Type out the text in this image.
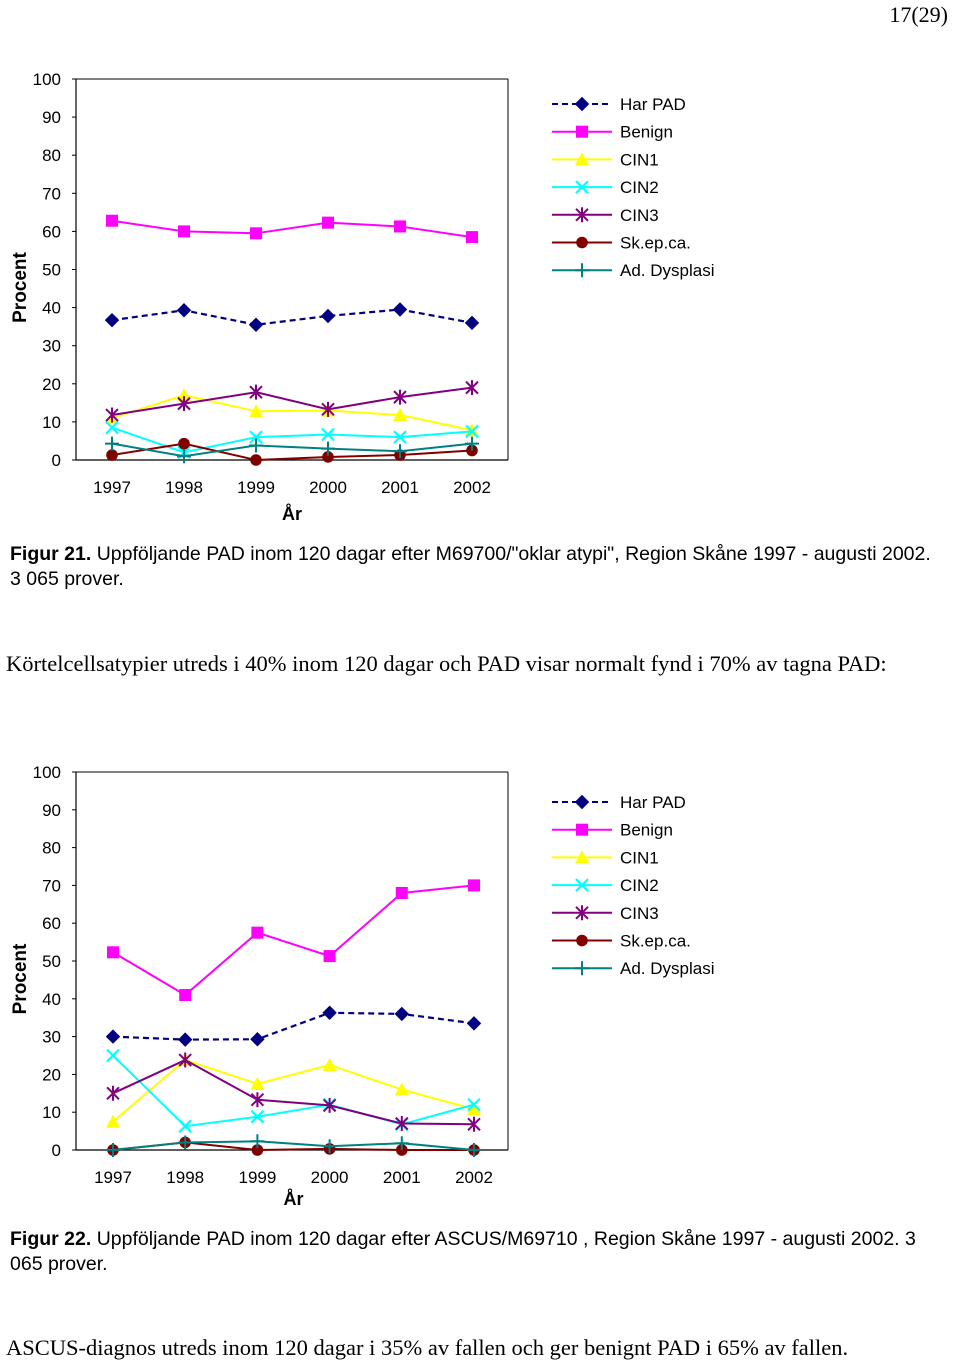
17(29)
0
10
20
30
40
50
60
70
80
90
100
1997 1998 1999 2000 2001 2002
År
Procent
Har PAD
Benign
CIN1
CIN2
CIN3
Sk.ep.ca.
Ad. Dysplasi
Figur 21. Uppföljande PAD inom 120 dagar efter M69700/"oklar atypi", Region Skåne 1997 - augusti 2002. 3 065 prover.
Körtelcellsatypier utreds i 40% inom 120 dagar och PAD visar normalt fynd i 70% av tagna PAD:
0
10
20
30
40
50
60
70
80
90
100
1997 1998 1999 2000 2001 2002
År
Procent
Har PAD
Benign
CIN1
CIN2
CIN3
Sk.ep.ca.
Ad. Dysplasi
Figur 22. Uppföljande PAD inom 120 dagar efter ASCUS/M69710 , Region Skåne 1997 - augusti 2002. 3 065 prover.
ASCUS-diagnos utreds inom 120 dagar i 35% av fallen och ger benignt PAD i 65% av fallen.
